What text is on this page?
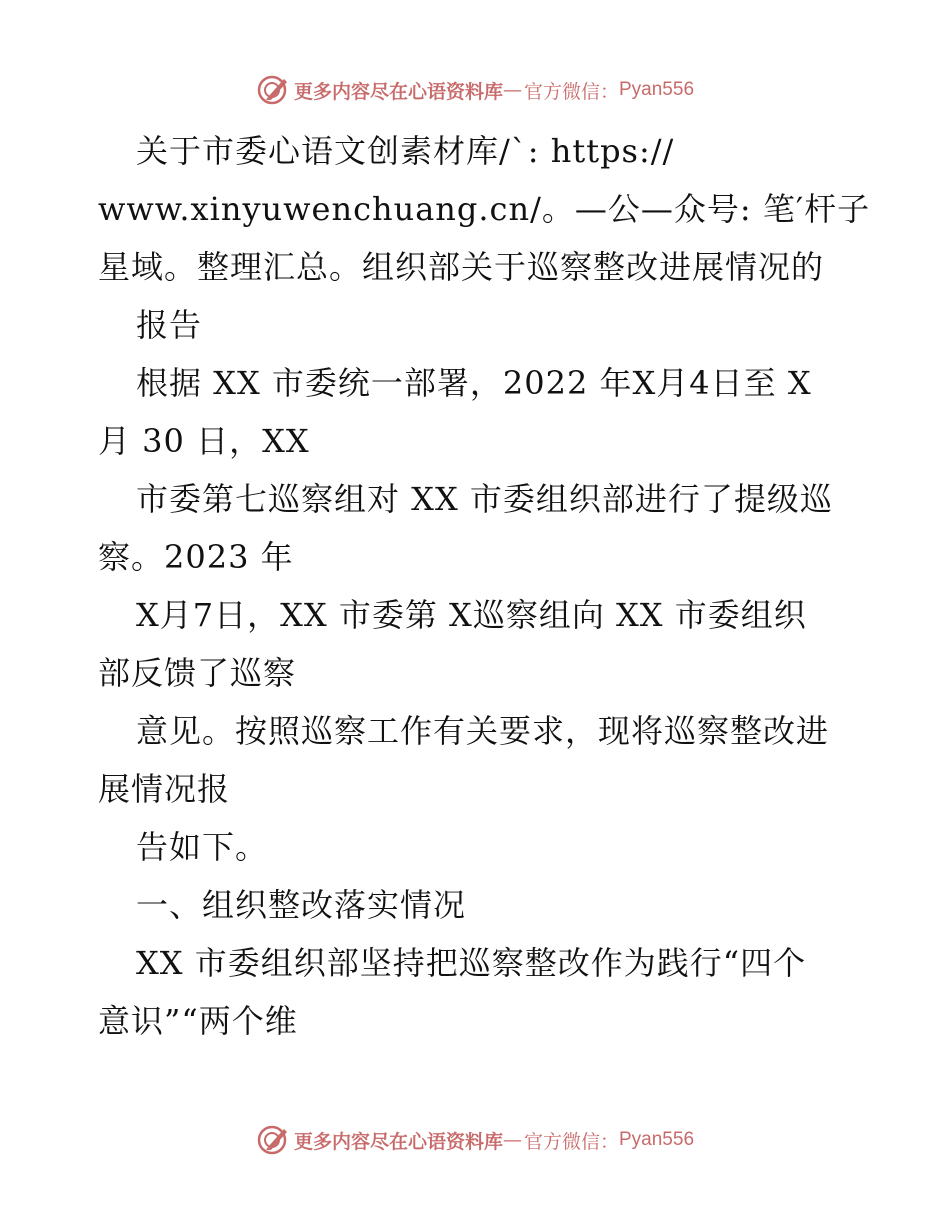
更多内容尽在心语资料库 — 官方微信： Pyan556
关于市委心语文创素材库/`: https://
www.xinyuwenchuang.cn/。—公—众号: 笔′杆子
星域。整理汇总。组织部关于巡察整改进展情况的
报告
根据 XX 市委统一部署，2022 年X月4日至 X
月 30 日，XX
市委第七巡察组对 XX 市委组织部进行了提级巡
察。2023 年
X月7日，XX 市委第 X巡察组向 XX 市委组织
部反馈了巡察
意见。按照巡察工作有关要求，现将巡察整改进
展情况报
告如下。
一、组织整改落实情况
XX 市委组织部坚持把巡察整改作为践行“四个
意识”“两个维
更多内容尽在心语资料库 — 官方微信： Pyan556
